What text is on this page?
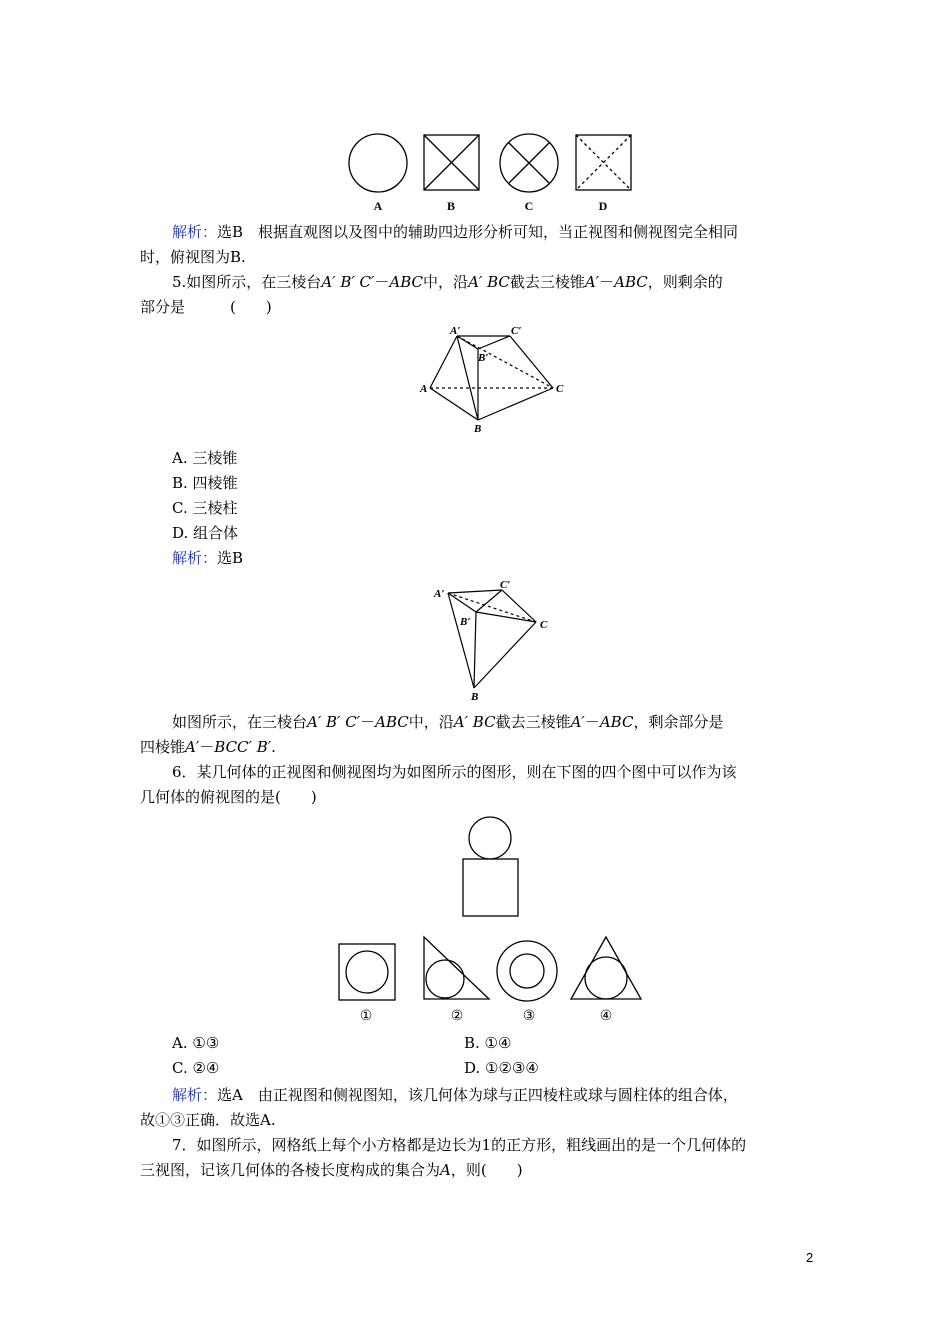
A	B	C	D
解析：选B　根据直观图以及图中的辅助四边形分析可知，当正视图和侧视图完全相同
时，俯视图为B.
5.如图所示，在三棱台A′ B′ C′－ABC中，沿A′ BC截去三棱锥A′－ABC，则剩余的
部分是　　　(　　)
A′	C′
B′
A	C
B
A. 三棱锥
B. 四棱锥
C. 三棱柱
D. 组合体
解析：选B
A′
C′
B′	C
B
如图所示，在三棱台A′ B′ C′－ABC中，沿A′ BC截去三棱锥A′－ABC，剩余部分是
四棱锥A′－BCC′ B′.
6．某几何体的正视图和侧视图均为如图所示的图形，则在下图的四个图中可以作为该
几何体的俯视图的是(　　)
①	②	③	④
A. ①③	B. ①④
C. ②④	D. ①②③④
解析：选A　由正视图和侧视图知，该几何体为球与正四棱柱或球与圆柱体的组合体，
故①③正确．故选A.
7．如图所示，网格纸上每个小方格都是边长为1的正方形，粗线画出的是一个几何体的
三视图，记该几何体的各棱长度构成的集合为A，则(　　)
2
